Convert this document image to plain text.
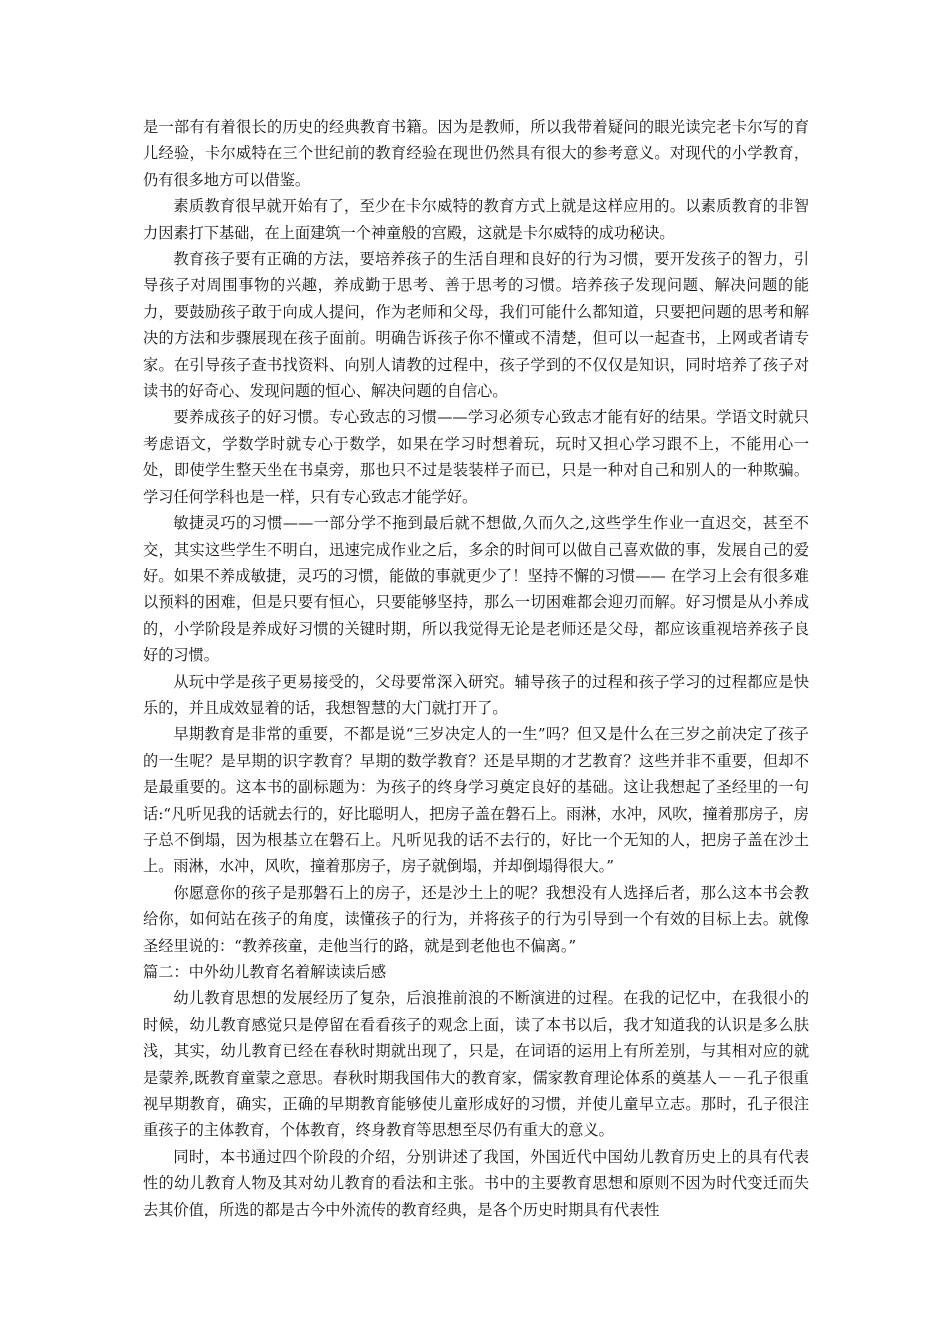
是一部有有着很长的历史的经典教育书籍。因为是教师，所以我带着疑问的眼光读完老卡尔写的育儿经验，卡尔威特在三个世纪前的教育经验在现世仍然具有很大的参考意义。对现代的小学教育，仍有很多地方可以借鉴。

素质教育很早就开始有了，至少在卡尔威特的教育方式上就是这样应用的。以素质教育的非智力因素打下基础，在上面建筑一个神童般的宫殿，这就是卡尔威特的成功秘诀。

教育孩子要有正确的方法，要培养孩子的生活自理和良好的行为习惯，要开发孩子的智力，引导孩子对周围事物的兴趣，养成勤于思考、善于思考的习惯。培养孩子发现问题、解决问题的能力，要鼓励孩子敢于向成人提问，作为老师和父母，我们可能什么都知道，只要把问题的思考和解决的方法和步骤展现在孩子面前。明确告诉孩子你不懂或不清楚，但可以一起查书，上网或者请专家。在引导孩子查书找资料、向别人请教的过程中，孩子学到的不仅仅是知识，同时培养了孩子对读书的好奇心、发现问题的恒心、解决问题的自信心。

要养成孩子的好习惯。专心致志的习惯——学习必须专心致志才能有好的结果。学语文时就只考虑语文，学数学时就专心于数学，如果在学习时想着玩，玩时又担心学习跟不上，不能用心一处，即使学生整天坐在书桌旁，那也只不过是装装样子而已，只是一种对自己和别人的一种欺骗。学习任何学科也是一样，只有专心致志才能学好。

敏捷灵巧的习惯——一部分学不拖到最后就不想做,久而久之,这些学生作业一直迟交，甚至不交，其实这些学生不明白，迅速完成作业之后，多余的时间可以做自己喜欢做的事，发展自己的爱好。如果不养成敏捷，灵巧的习惯，能做的事就更少了！坚持不懈的习惯—— 在学习上会有很多难以预料的困难，但是只要有恒心，只要能够坚持，那么一切困难都会迎刃而解。好习惯是从小养成的，小学阶段是养成好习惯的关键时期，所以我觉得无论是老师还是父母，都应该重视培养孩子良好的习惯。

从玩中学是孩子更易接受的，父母要常深入研究。辅导孩子的过程和孩子学习的过程都应是快乐的，并且成效显着的话，我想智慧的大门就打开了。

早期教育是非常的重要，不都是说“三岁决定人的一生”吗？但又是什么在三岁之前决定了孩子的一生呢？是早期的识字教育？早期的数学教育？还是早期的才艺教育？这些并非不重要，但却不是最重要的。这本书的副标题为：为孩子的终身学习奠定良好的基础。这让我想起了圣经里的一句话:“凡听见我的话就去行的，好比聪明人，把房子盖在磐石上。雨淋，水冲，风吹，撞着那房子，房子总不倒塌，因为根基立在磐石上。凡听见我的话不去行的，好比一个无知的人，把房子盖在沙土上。雨淋，水冲，风吹，撞着那房子，房子就倒塌，并却倒塌得很大。”

你愿意你的孩子是那磐石上的房子，还是沙土上的呢？我想没有人选择后者，那么这本书会教给你，如何站在孩子的角度，读懂孩子的行为，并将孩子的行为引导到一个有效的目标上去。就像圣经里说的：“教养孩童，走他当行的路，就是到老他也不偏离。”

篇二：中外幼儿教育名着解读读后感

幼儿教育思想的发展经历了复杂，后浪推前浪的不断演进的过程。在我的记忆中，在我很小的时候，幼儿教育感觉只是停留在看看孩子的观念上面，读了本书以后，我才知道我的认识是多么肤浅，其实，幼儿教育已经在春秋时期就出现了，只是，在词语的运用上有所差别，与其相对应的就是蒙养,既教育童蒙之意思。春秋时期我国伟大的教育家，儒家教育理论体系的奠基人－－孔子很重视早期教育，确实，正确的早期教育能够使儿童形成好的习惯，并使儿童早立志。那时，孔子很注重孩子的主体教育，个体教育，终身教育等思想至尽仍有重大的意义。

同时，本书通过四个阶段的介绍，分别讲述了我国，外国近代中国幼儿教育历史上的具有代表性的幼儿教育人物及其对幼儿教育的看法和主张。书中的主要教育思想和原则不因为时代变迁而失去其价值，所选的都是古今中外流传的教育经典，是各个历史时期具有代表性
